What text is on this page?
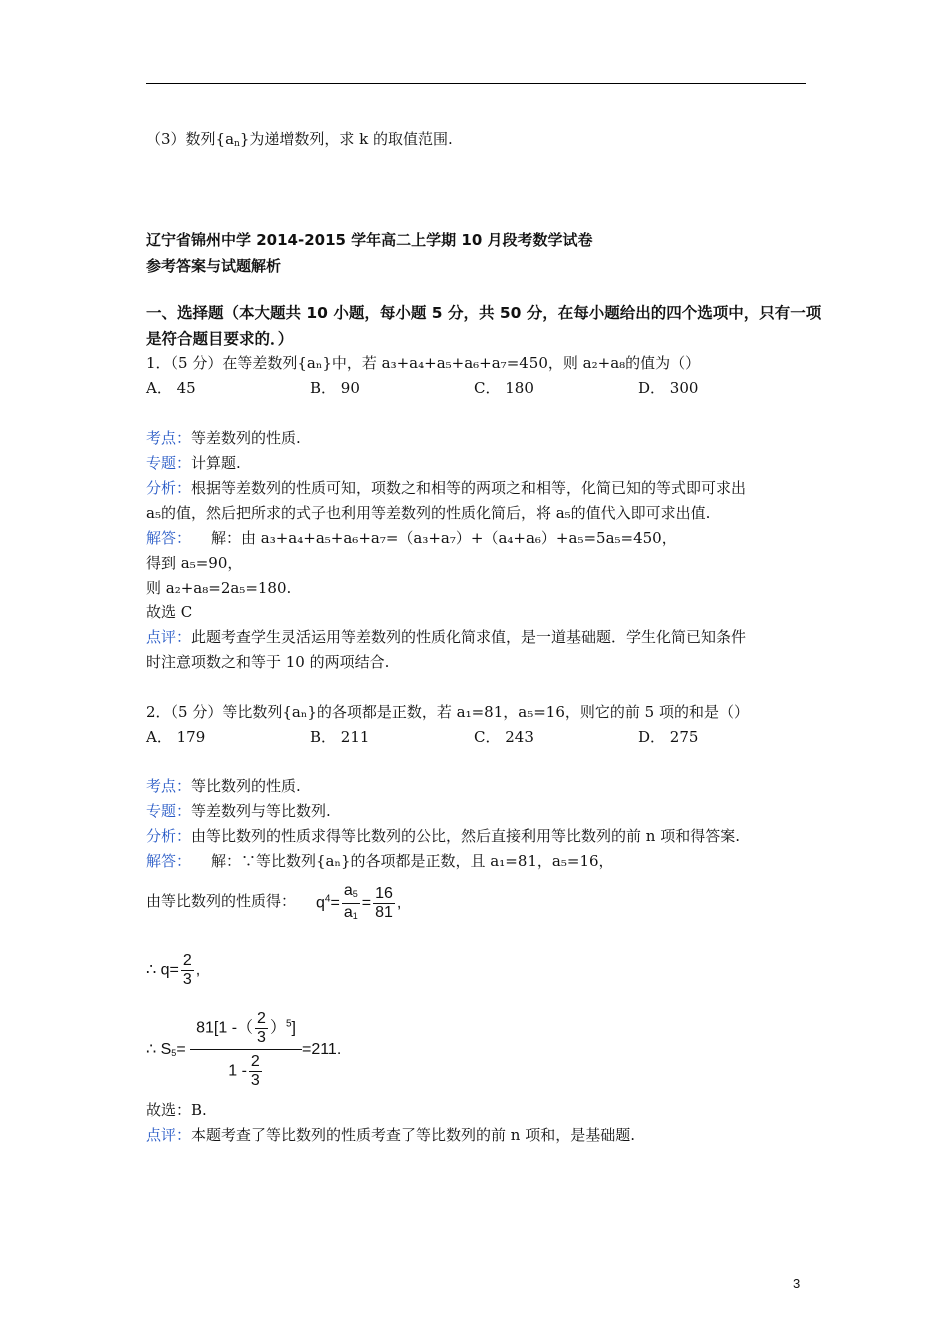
（3）数列$\{a_n\}$为递增数列，求 k 的取值范围.
辽宁省锦州中学 2014-2015 学年高二上学期 10 月段考数学试卷
参考答案与试题解析
一、选择题（本大题共 10 小题，每小题 5 分，共 50 分，在每小题给出的四个选项中，只有一项
是符合题目要求的．）
1．（5 分）在等差数列{aₙ}中，若 a₃+a₄+a₅+a₆+a₇=450，则 a₂+a₈的值为（）
A． 45	B． 90	C． 180	D． 300
考点：等差数列的性质.
专题：计算题.
分析：根据等差数列的性质可知，项数之和相等的两项之和相等，化简已知的等式即可求出
a₅的值，然后把所求的式子也利用等差数列的性质化简后，将 a₅的值代入即可求出值.
解答： 解：由 a₃+a₄+a₅+a₆+a₇=（a₃+a₇）+（a₄+a₆）+a₅=5a₅=450，
得到 a₅=90，
则 a₂+a₈=2a₅=180.
故选 C
点评：此题考查学生灵活运用等差数列的性质化简求值，是一道基础题．学生化简已知条件
时注意项数之和等于 10 的两项结合.
2．（5 分）等比数列{aₙ}的各项都是正数，若 a₁=81，a₅=16，则它的前 5 项的和是（）
A． 179	B． 211	C． 243	D． 275
考点：等比数列的性质.
专题：等差数列与等比数列.
分析：由等比数列的性质求得等比数列的公比，然后直接利用等比数列的前 n 项和得答案.
解答： 解：∵等比数列{aₙ}的各项都是正数，且 a₁=81，a₅=16，
由等比数列的性质得： $q^4= \frac{a_5}{a_1} = \frac{16}{81}$ ,
∴ $q= \frac{2}{3}$ ,
∴ $S_5= \frac{81[1 -( \frac{2}{3} )^5]}{1 - \frac{2}{3}} =211$.
故选：B.
点评：本题考查了等比数列的性质考查了等比数列的前 n 项和，是基础题.
3
